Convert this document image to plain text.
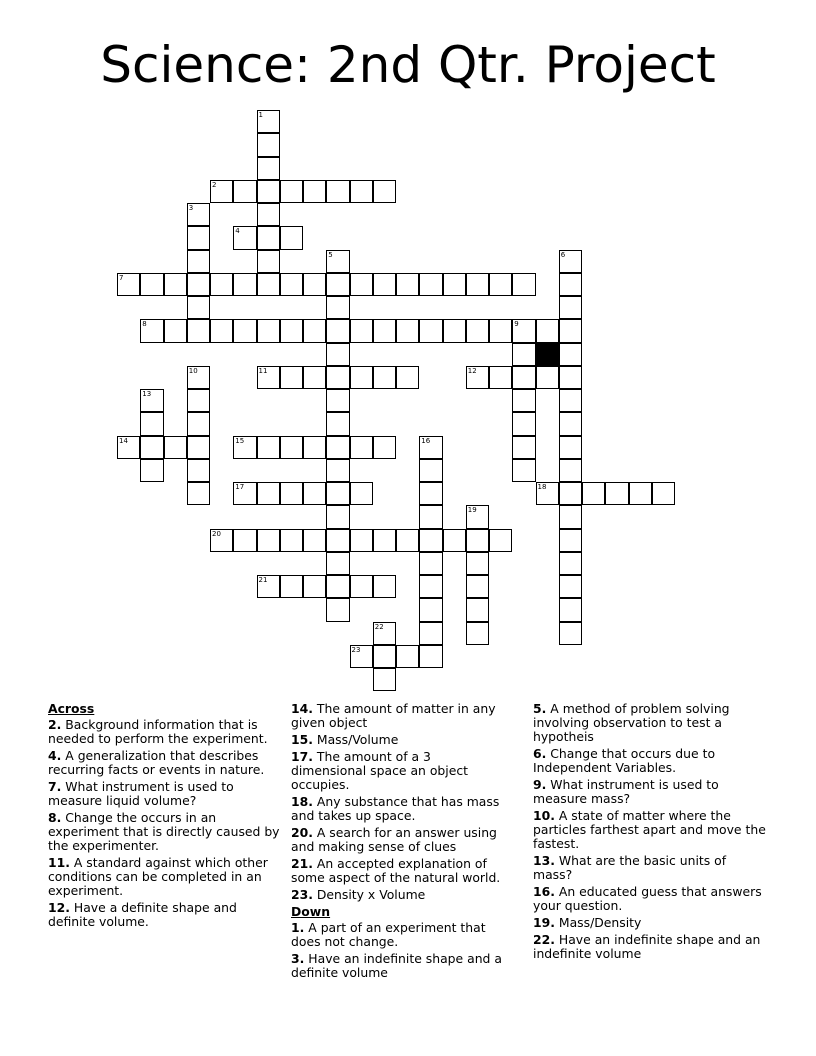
Science: 2nd Qtr. Project
1
2
3
4
5	6
7
8	9
10	11	12
13
14	15	16
17	18
19
20
21
22
23
Across
2. Background information that is needed to perform the experiment.
4. A generalization that describes recurring facts or events in nature.
7. What instrument is used to measure liquid volume?
8. Change the occurs in an experiment that is directly caused by the experimenter.
11. A standard against which other conditions can be completed in an experiment.
12. Have a definite shape and definite volume.
14. The amount of matter in any given object
15. Mass/Volume
17. The amount of a 3 dimensional space an object occupies.
18. Any substance that has mass and takes up space.
20. A search for an answer using and making sense of clues
21. An accepted explanation of some aspect of the natural world.
23. Density x Volume
Down
1. A part of an experiment that does not change.
3. Have an indefinite shape and a definite volume
5. A method of problem solving involving observation to test a hypotheis
6. Change that occurs due to Independent Variables.
9. What instrument is used to measure mass?
10. A state of matter where the particles farthest apart and move the fastest.
13. What are the basic units of mass?
16. An educated guess that answers your question.
19. Mass/Density
22. Have an indefinite shape and an indefinite volume
